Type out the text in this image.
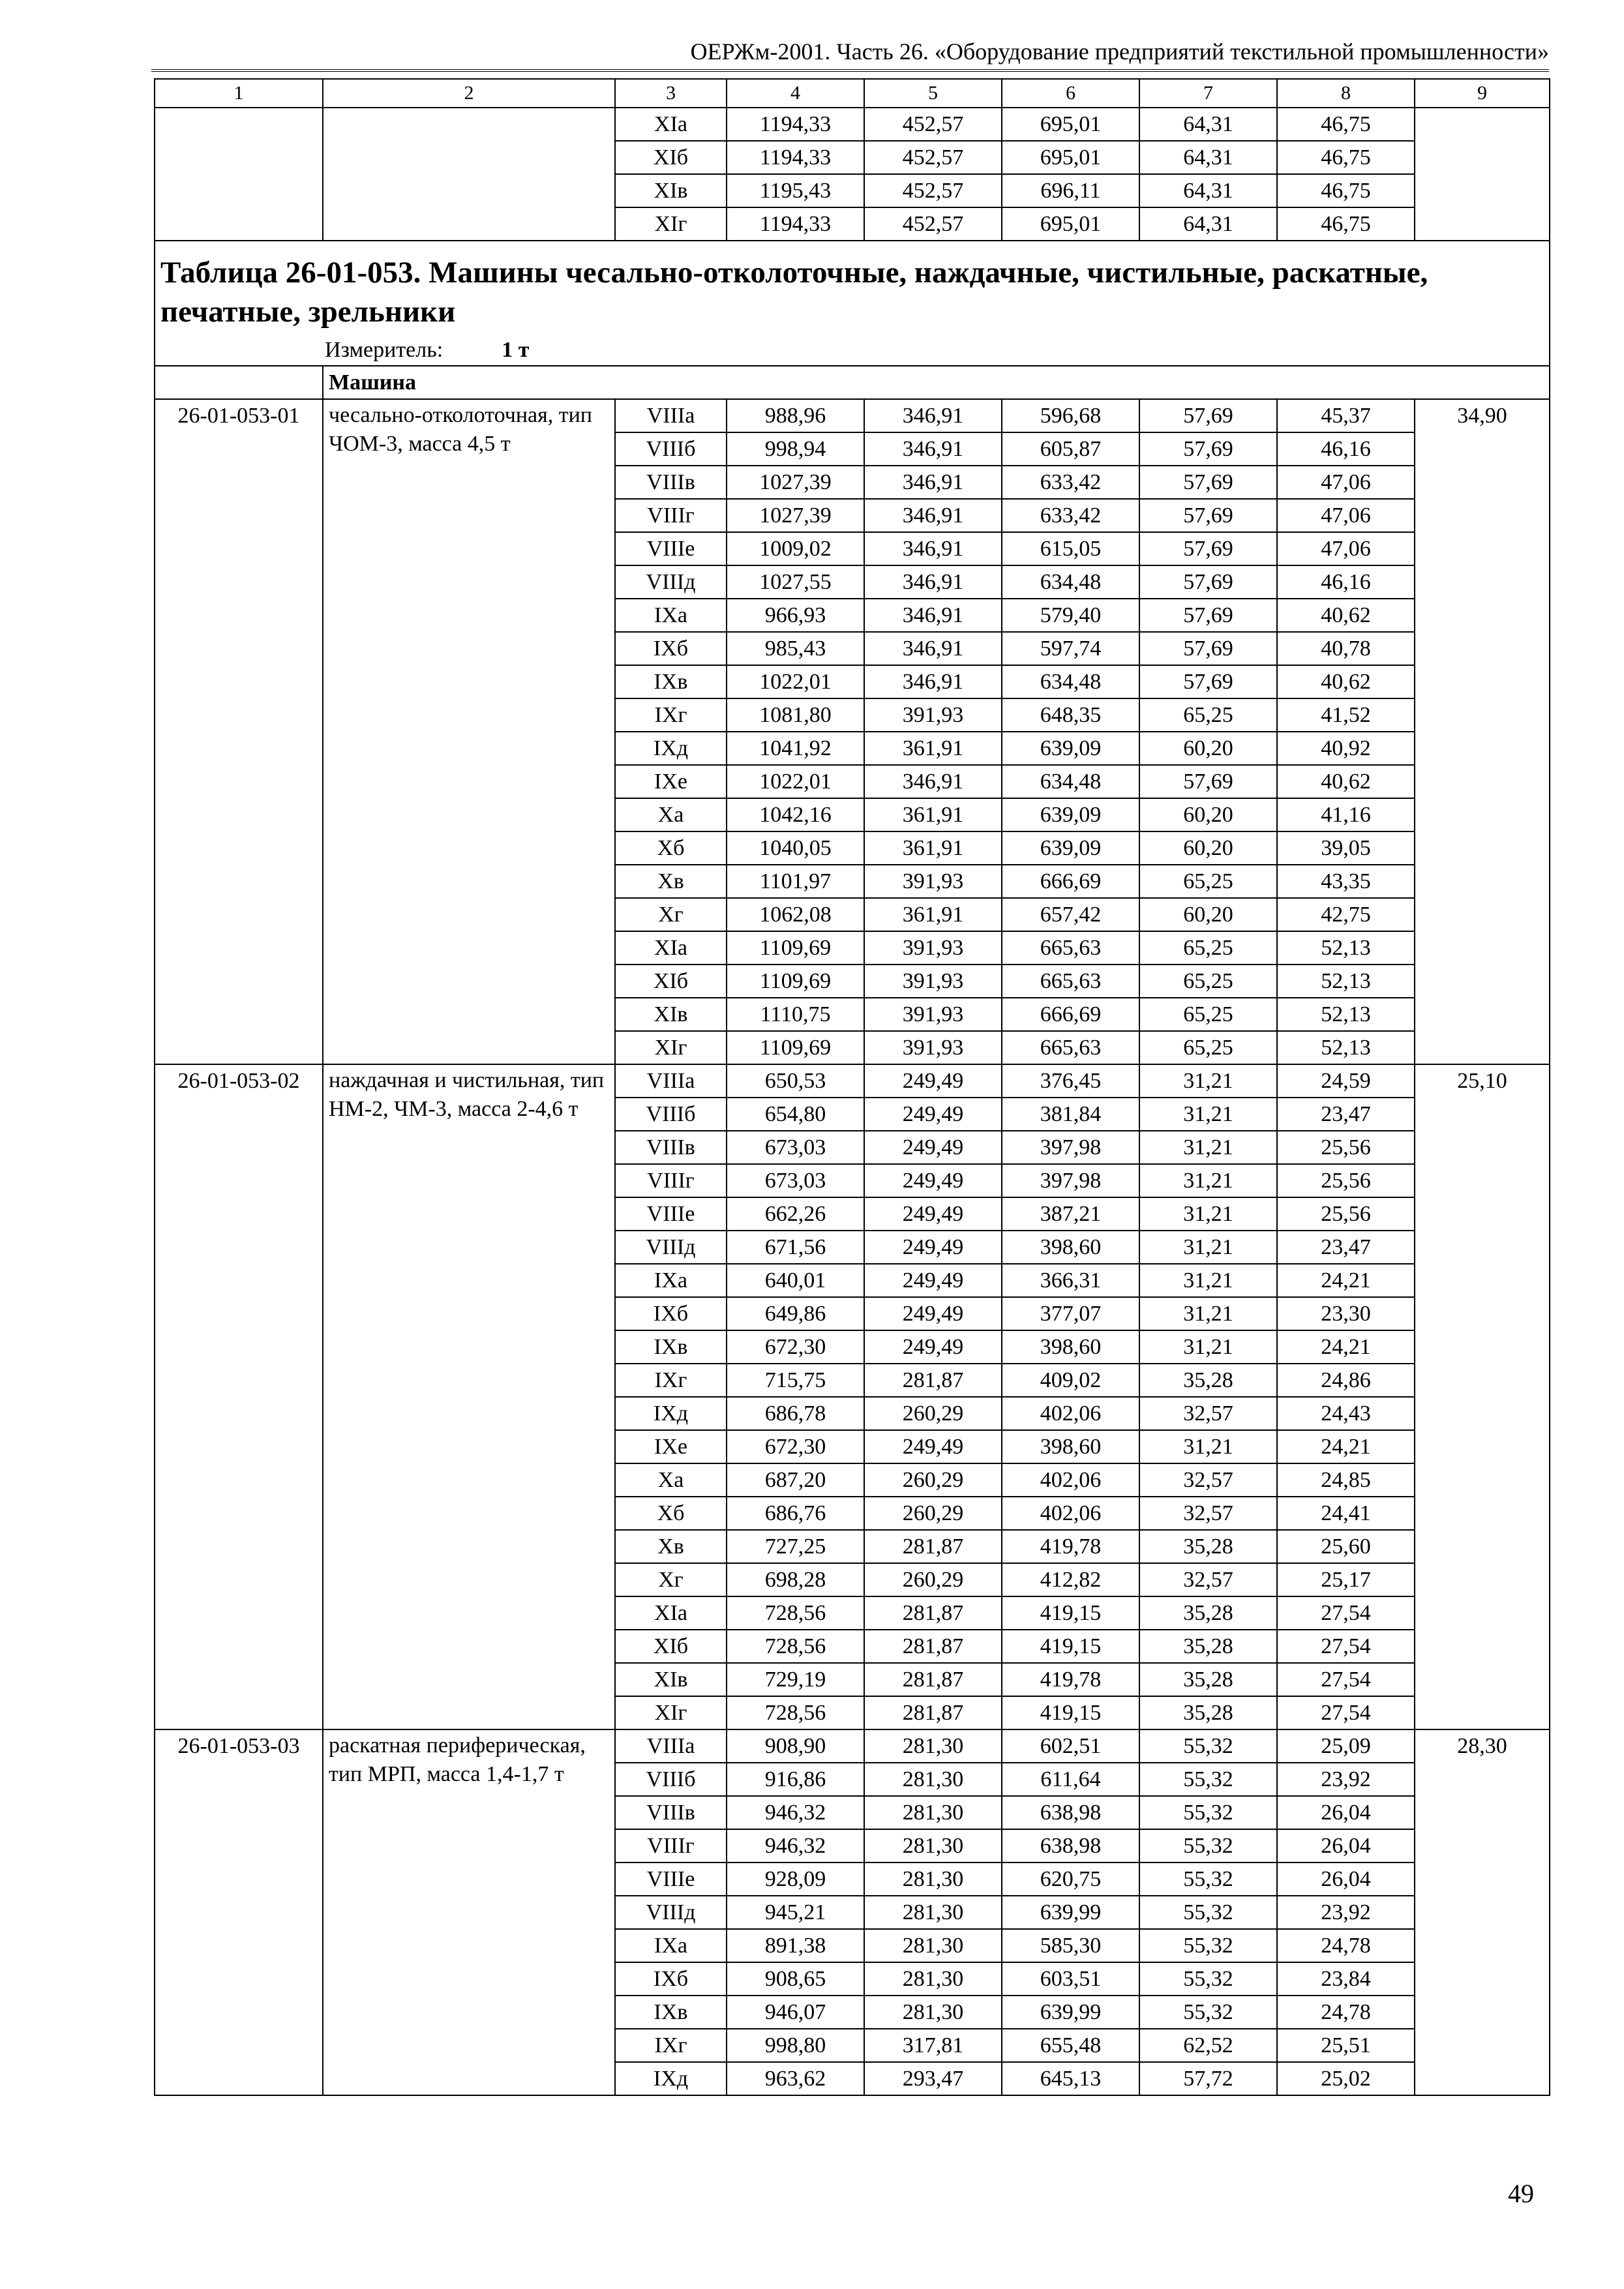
ОЕРЖм-2001. Часть 26. «Оборудование предприятий текстильной промышленности»
1	2	3	4	5	6	7	8	9
		XIа	1194,33	452,57	695,01	64,31	46,75	
		XIб	1194,33	452,57	695,01	64,31	46,75	
		XIв	1195,43	452,57	696,11	64,31	46,75	
		XIг	1194,33	452,57	695,01	64,31	46,75	
Таблица 26-01-053. Машины чесально-отколоточные, наждачные, чистильные, раскатные, печатные, зрельники								
Измеритель: 1 т								
	Машина							
26-01-053-01	чесально-отколоточная, тип ЧОМ-3, масса 4,5 т	VIIIа	988,96	346,91	596,68	57,69	45,37	34,90
		VIIIб	998,94	346,91	605,87	57,69	46,16	
		VIIIв	1027,39	346,91	633,42	57,69	47,06	
		VIIIг	1027,39	346,91	633,42	57,69	47,06	
		VIIIе	1009,02	346,91	615,05	57,69	47,06	
		VIIIд	1027,55	346,91	634,48	57,69	46,16	
		IXа	966,93	346,91	579,40	57,69	40,62	
		IXб	985,43	346,91	597,74	57,69	40,78	
		IXв	1022,01	346,91	634,48	57,69	40,62	
		IXг	1081,80	391,93	648,35	65,25	41,52	
		IXд	1041,92	361,91	639,09	60,20	40,92	
		IXе	1022,01	346,91	634,48	57,69	40,62	
		Xа	1042,16	361,91	639,09	60,20	41,16	
		Xб	1040,05	361,91	639,09	60,20	39,05	
		Xв	1101,97	391,93	666,69	65,25	43,35	
		Xг	1062,08	361,91	657,42	60,20	42,75	
		XIа	1109,69	391,93	665,63	65,25	52,13	
		XIб	1109,69	391,93	665,63	65,25	52,13	
		XIв	1110,75	391,93	666,69	65,25	52,13	
		XIг	1109,69	391,93	665,63	65,25	52,13	
26-01-053-02	наждачная и чистильная, тип НМ-2, ЧМ-3, масса 2-4,6 т	VIIIа	650,53	249,49	376,45	31,21	24,59	25,10
		VIIIб	654,80	249,49	381,84	31,21	23,47	
		VIIIв	673,03	249,49	397,98	31,21	25,56	
		VIIIг	673,03	249,49	397,98	31,21	25,56	
		VIIIе	662,26	249,49	387,21	31,21	25,56	
		VIIIд	671,56	249,49	398,60	31,21	23,47	
		IXа	640,01	249,49	366,31	31,21	24,21	
		IXб	649,86	249,49	377,07	31,21	23,30	
		IXв	672,30	249,49	398,60	31,21	24,21	
		IXг	715,75	281,87	409,02	35,28	24,86	
		IXд	686,78	260,29	402,06	32,57	24,43	
		IXе	672,30	249,49	398,60	31,21	24,21	
		Xа	687,20	260,29	402,06	32,57	24,85	
		Xб	686,76	260,29	402,06	32,57	24,41	
		Xв	727,25	281,87	419,78	35,28	25,60	
		Xг	698,28	260,29	412,82	32,57	25,17	
		XIа	728,56	281,87	419,15	35,28	27,54	
		XIб	728,56	281,87	419,15	35,28	27,54	
		XIв	729,19	281,87	419,78	35,28	27,54	
		XIг	728,56	281,87	419,15	35,28	27,54	
26-01-053-03	раскатная периферическая, тип МРП, масса 1,4-1,7 т	VIIIа	908,90	281,30	602,51	55,32	25,09	28,30
		VIIIб	916,86	281,30	611,64	55,32	23,92	
		VIIIв	946,32	281,30	638,98	55,32	26,04	
		VIIIг	946,32	281,30	638,98	55,32	26,04	
		VIIIе	928,09	281,30	620,75	55,32	26,04	
		VIIIд	945,21	281,30	639,99	55,32	23,92	
		IXа	891,38	281,30	585,30	55,32	24,78	
		IXб	908,65	281,30	603,51	55,32	23,84	
		IXв	946,07	281,30	639,99	55,32	24,78	
		IXг	998,80	317,81	655,48	62,52	25,51	
		IXд	963,62	293,47	645,13	57,72	25,02	
49
